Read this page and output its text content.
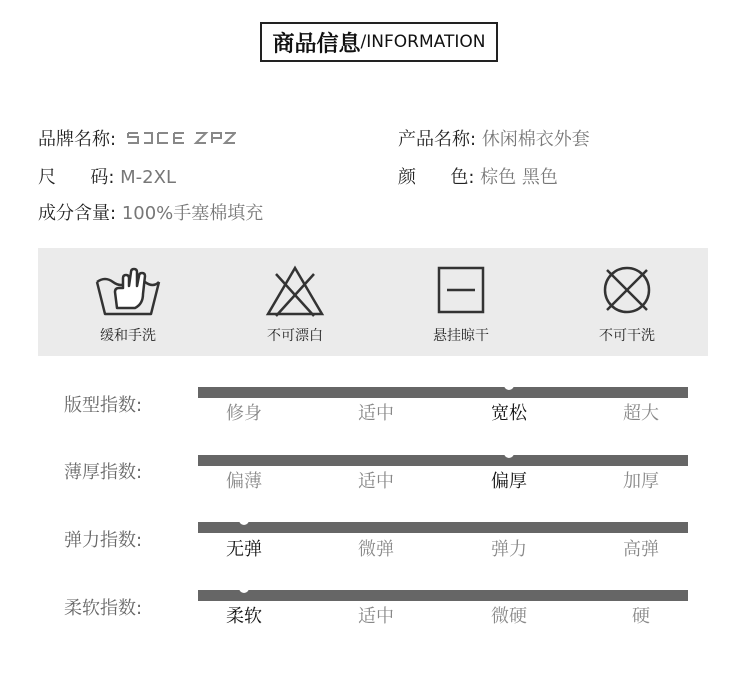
商品信息 /INFORMATION
品牌名称:	产品名称: 休闲棉衣外套
尺      码: M-2XL	颜      色: 棕色 黑色
成分含量: 100%手塞棉填充
缓和手洗	不可漂白	悬挂晾干	不可干洗
版型指数:	修身	适中	宽松	超大
薄厚指数:	偏薄	适中	偏厚	加厚
弹力指数:	无弹	微弹	弹力	高弹
柔软指数:	柔软	适中	微硬	硬
